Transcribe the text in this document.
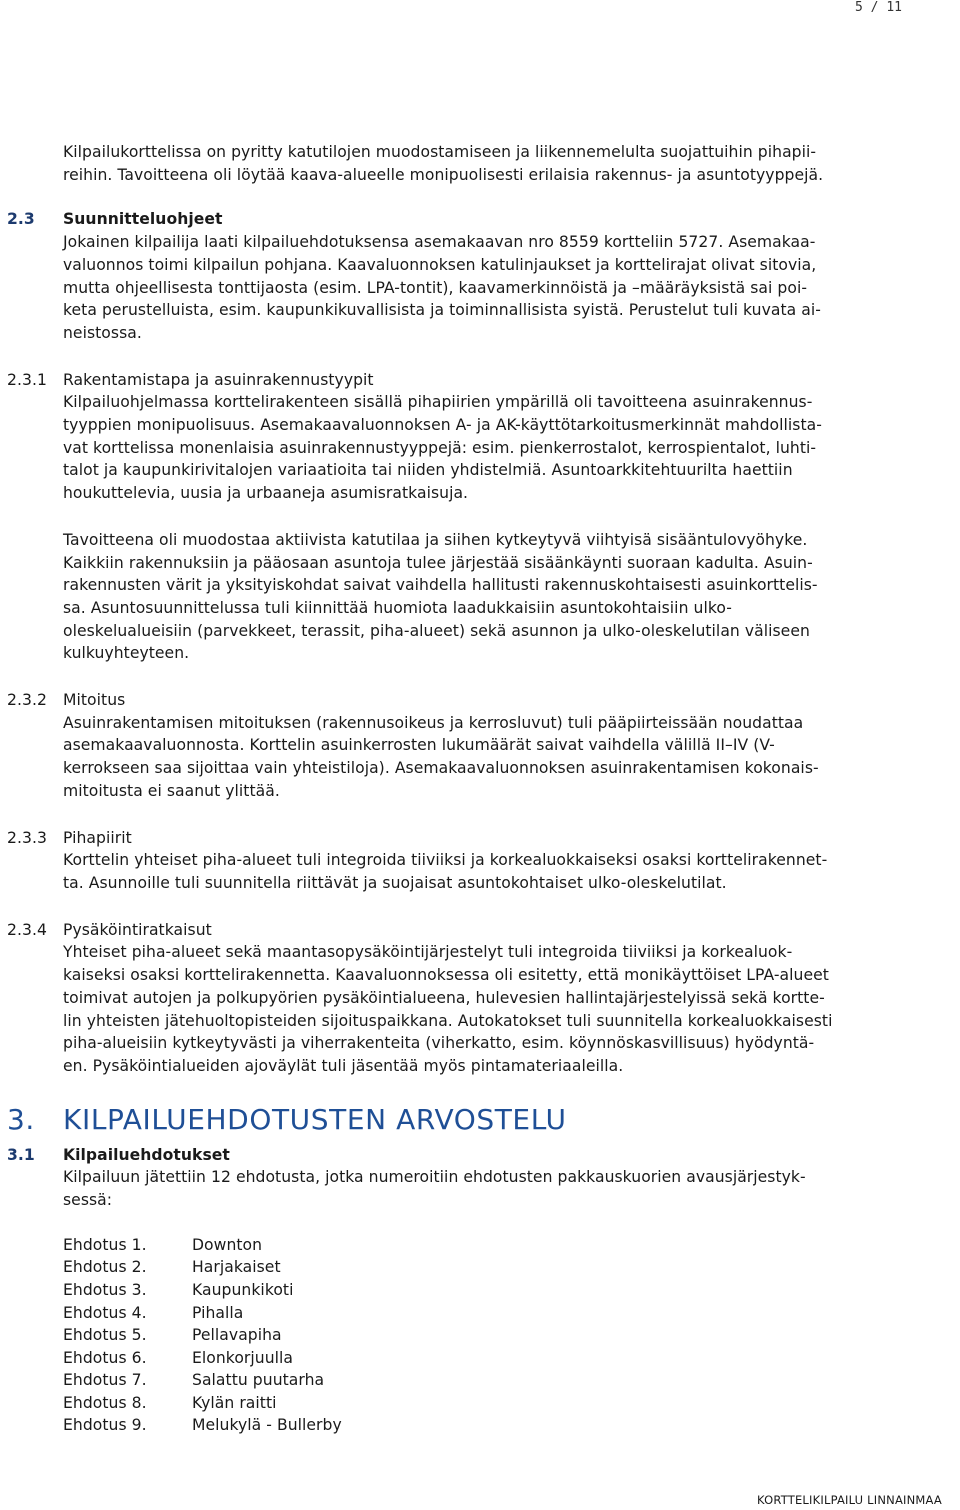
5 / 11
Kilpailukorttelissa on pyritty katutilojen muodostamiseen ja liikennemelulta suojattuihin pihapii-
reihin. Tavoitteena oli löytää kaava-alueelle monipuolisesti erilaisia rakennus- ja asuntotyyppejä.
2.3	Suunnitteluohjeet
Jokainen kilpailija laati kilpailuehdotuksensa asemakaavan nro 8559 kortteliin 5727. Asemakaa-
valuonnos toimi kilpailun pohjana. Kaavaluonnoksen katulinjaukset ja korttelirajat olivat sitovia,
mutta ohjeellisesta tonttijaosta (esim. LPA-tontit), kaavamerkinnöistä ja –määräyksistä sai poi-
keta perustelluista, esim. kaupunkikuvallisista ja toiminnallisista syistä. Perustelut tuli kuvata ai-
neistossa.
2.3.1	Rakentamistapa ja asuinrakennustyypit
Kilpailuohjelmassa korttelirakenteen sisällä pihapiirien ympärillä oli tavoitteena asuinrakennus-
tyyppien monipuolisuus. Asemakaavaluonnoksen A- ja AK-käyttötarkoitusmerkinnät mahdollista-
vat korttelissa monenlaisia asuinrakennustyyppejä: esim. pienkerrostalot, kerrospientalot, luhti-
talot ja kaupunkirivitalojen variaatioita tai niiden yhdistelmiä. Asuntoarkkitehtuurilta haettiin
houkuttelevia, uusia ja urbaaneja asumisratkaisuja.
Tavoitteena oli muodostaa aktiivista katutilaa ja siihen kytkeytyvä viihtyisä sisääntulovyöhyke.
Kaikkiin rakennuksiin ja pääosaan asuntoja tulee järjestää sisäänkäynti suoraan kadulta. Asuin-
rakennusten värit ja yksityiskohdat saivat vaihdella hallitusti rakennuskohtaisesti asuinkorttelis-
sa. Asuntosuunnittelussa tuli kiinnittää huomiota laadukkaisiin asuntokohtaisiin ulko-
oleskelualueisiin (parvekkeet, terassit, piha-alueet) sekä asunnon ja ulko-oleskelutilan väliseen
kulkuyhteyteen.
2.3.2	Mitoitus
Asuinrakentamisen mitoituksen (rakennusoikeus ja kerrosluvut) tuli pääpiirteissään noudattaa
asemakaavaluonnosta. Korttelin asuinkerrosten lukumäärät saivat vaihdella välillä II–IV (V-
kerrokseen saa sijoittaa vain yhteistiloja). Asemakaavaluonnoksen asuinrakentamisen kokonais-
mitoitusta ei saanut ylittää.
2.3.3	Pihapiirit
Korttelin yhteiset piha-alueet tuli integroida tiiviiksi ja korkealuokkaiseksi osaksi korttelirakennet-
ta. Asunnoille tuli suunnitella riittävät ja suojaisat asuntokohtaiset ulko-oleskelutilat.
2.3.4	Pysäköintiratkaisut
Yhteiset piha-alueet sekä maantasopysäköintijärjestelyt tuli integroida tiiviiksi ja korkealuok-
kaiseksi osaksi korttelirakennetta. Kaavaluonnoksessa oli esitetty, että monikäyttöiset LPA-alueet
toimivat autojen ja polkupyörien pysäköintialueena, hulevesien hallintajärjestelyissä sekä kortte-
lin yhteisten jätehuoltopisteiden sijoituspaikkana. Autokatokset tuli suunnitella korkealuokkaisesti
piha-alueisiin kytkeytyvästi ja viherrakenteita (viherkatto, esim. köynnöskasvillisuus) hyödyntä-
en. Pysäköintialueiden ajoväylät tuli jäsentää myös pintamateriaaleilla.
3.	KILPAILUEHDOTUSTEN ARVOSTELU
3.1	Kilpailuehdotukset
Kilpailuun jätettiin 12 ehdotusta, jotka numeroitiin ehdotusten pakkauskuorien avausjärjestyk-
sessä:
Ehdotus 1.	Downton
Ehdotus 2.	Harjakaiset
Ehdotus 3.	Kaupunkikoti
Ehdotus 4.	Pihalla
Ehdotus 5.	Pellavapiha
Ehdotus 6.	Elonkorjuulla
Ehdotus 7.	Salattu puutarha
Ehdotus 8.	Kylän raitti
Ehdotus 9.	Melukylä - Bullerby
KORTTELIKILPAILU LINNAINMAA
